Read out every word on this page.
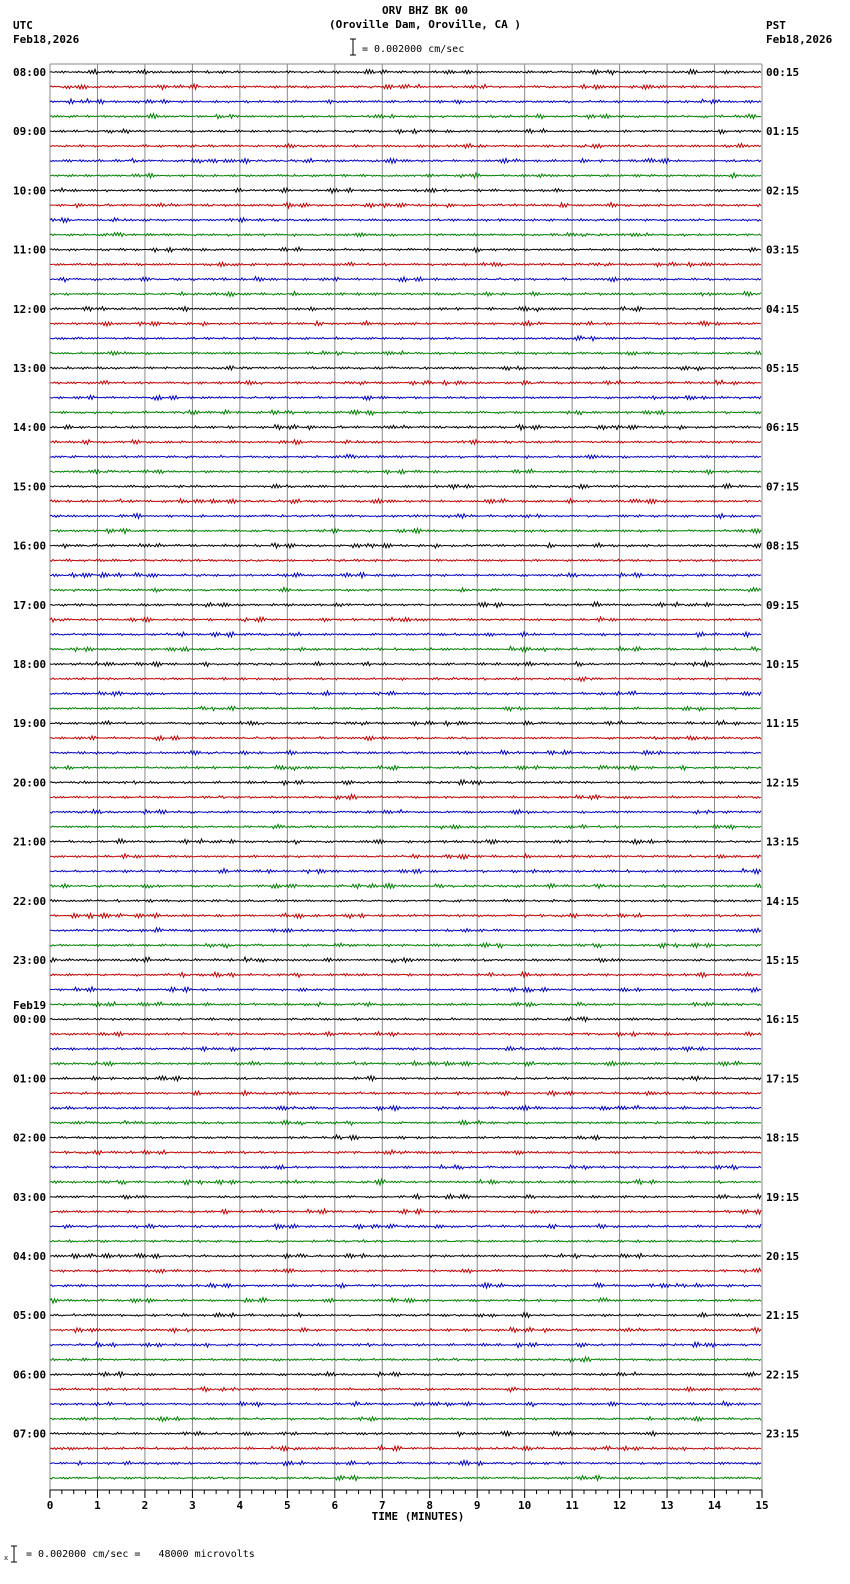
ORV BHZ BK 00
(Oroville Dam, Oroville, CA )
= 0.002000 cm/sec
UTC
Feb18,2026
PST
Feb18,2026
08:00
09:00
10:00
11:00
12:00
13:00
14:00
15:00
16:00
17:00
18:00
19:00
20:00
21:00
22:00
23:00
00:00
01:00
02:00
03:00
04:00
05:00
06:00
07:00
Feb19
00:15
01:15
02:15
03:15
04:15
05:15
06:15
07:15
08:15
09:15
10:15
11:15
12:15
13:15
14:15
15:15
16:15
17:15
18:15
19:15
20:15
21:15
22:15
23:15
0	1	2	3	4	5	6	7	8	9	10	11	12	13	14	15
TIME (MINUTES)
x = 0.002000 cm/sec =   48000 microvolts
